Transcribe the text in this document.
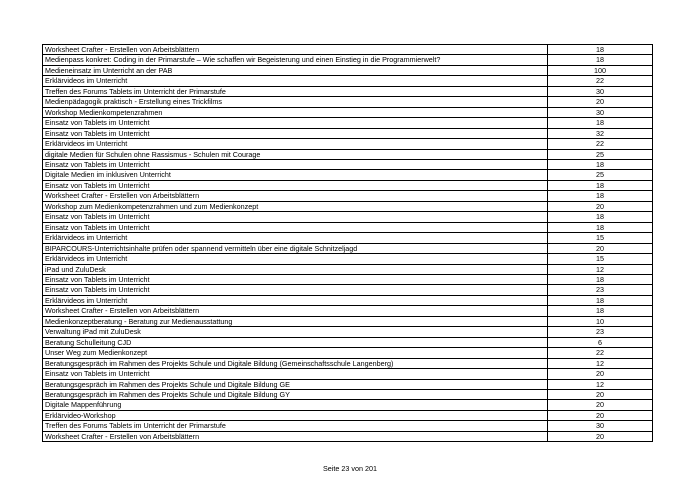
Worksheet Crafter - Erstellen von Arbeitsblättern	18
Medienpass konkret: Coding in der Primarstufe – Wie schaffen wir Begeisterung und einen Einstieg in die Programmierwelt?	18
Medieneinsatz im Unterricht an der PAB	100
Erklärvideos im Unterricht	22
Treffen des Forums Tablets im Unterricht der Primarstufe	30
Medienpädagogik praktisch - Erstellung eines Trickfilms	20
Workshop Medienkompetenzrahmen	30
Einsatz von Tablets im Unterricht	18
Einsatz von Tablets im Unterricht	32
Erklärvideos im Unterricht	22
digitale Medien für Schulen ohne Rassismus - Schulen mit Courage	25
Einsatz von Tablets im Unterricht	18
Digitale Medien im inklusiven Unterricht	25
Einsatz von Tablets im Unterricht	18
Worksheet Crafter - Erstellen von Arbeitsblättern	18
Workshop zum Medienkompetenzrahmen und zum Medienkonzept	20
Einsatz von Tablets im Unterricht	18
Einsatz von Tablets im Unterricht	18
Erklärvideos im Unterricht	15
BIPARCOURS-Unterrichtsinhalte prüfen oder spannend vermitteln über eine digitale Schnitzeljagd	20
Erklärvideos im Unterricht	15
iPad und ZuluDesk	12
Einsatz von Tablets im Unterricht	18
Einsatz von Tablets im Unterricht	23
Erklärvideos im Unterricht	18
Worksheet Crafter - Erstellen von Arbeitsblättern	18
Medienkonzeptberatung - Beratung zur Medienausstattung	10
Verwaltung iPad mit ZuluDesk	23
Beratung Schulleitung CJD	6
Unser Weg zum Medienkonzept	22
Beratungsgespräch im Rahmen des Projekts Schule und Digitale Bildung (Gemeinschaftsschule Langenberg)	12
Einsatz von Tablets im Unterricht	20
Beratungsgespräch im Rahmen des Projekts Schule und Digitale Bildung GE	12
Beratungsgespräch im Rahmen des Projekts Schule und Digitale Bildung GY	20
Digitale Mappenführung	20
Erklärvideo-Workshop	20
Treffen des Forums Tablets im Unterricht der Primarstufe	30
Worksheet Crafter - Erstellen von Arbeitsblättern	20
Seite 23 von 201
